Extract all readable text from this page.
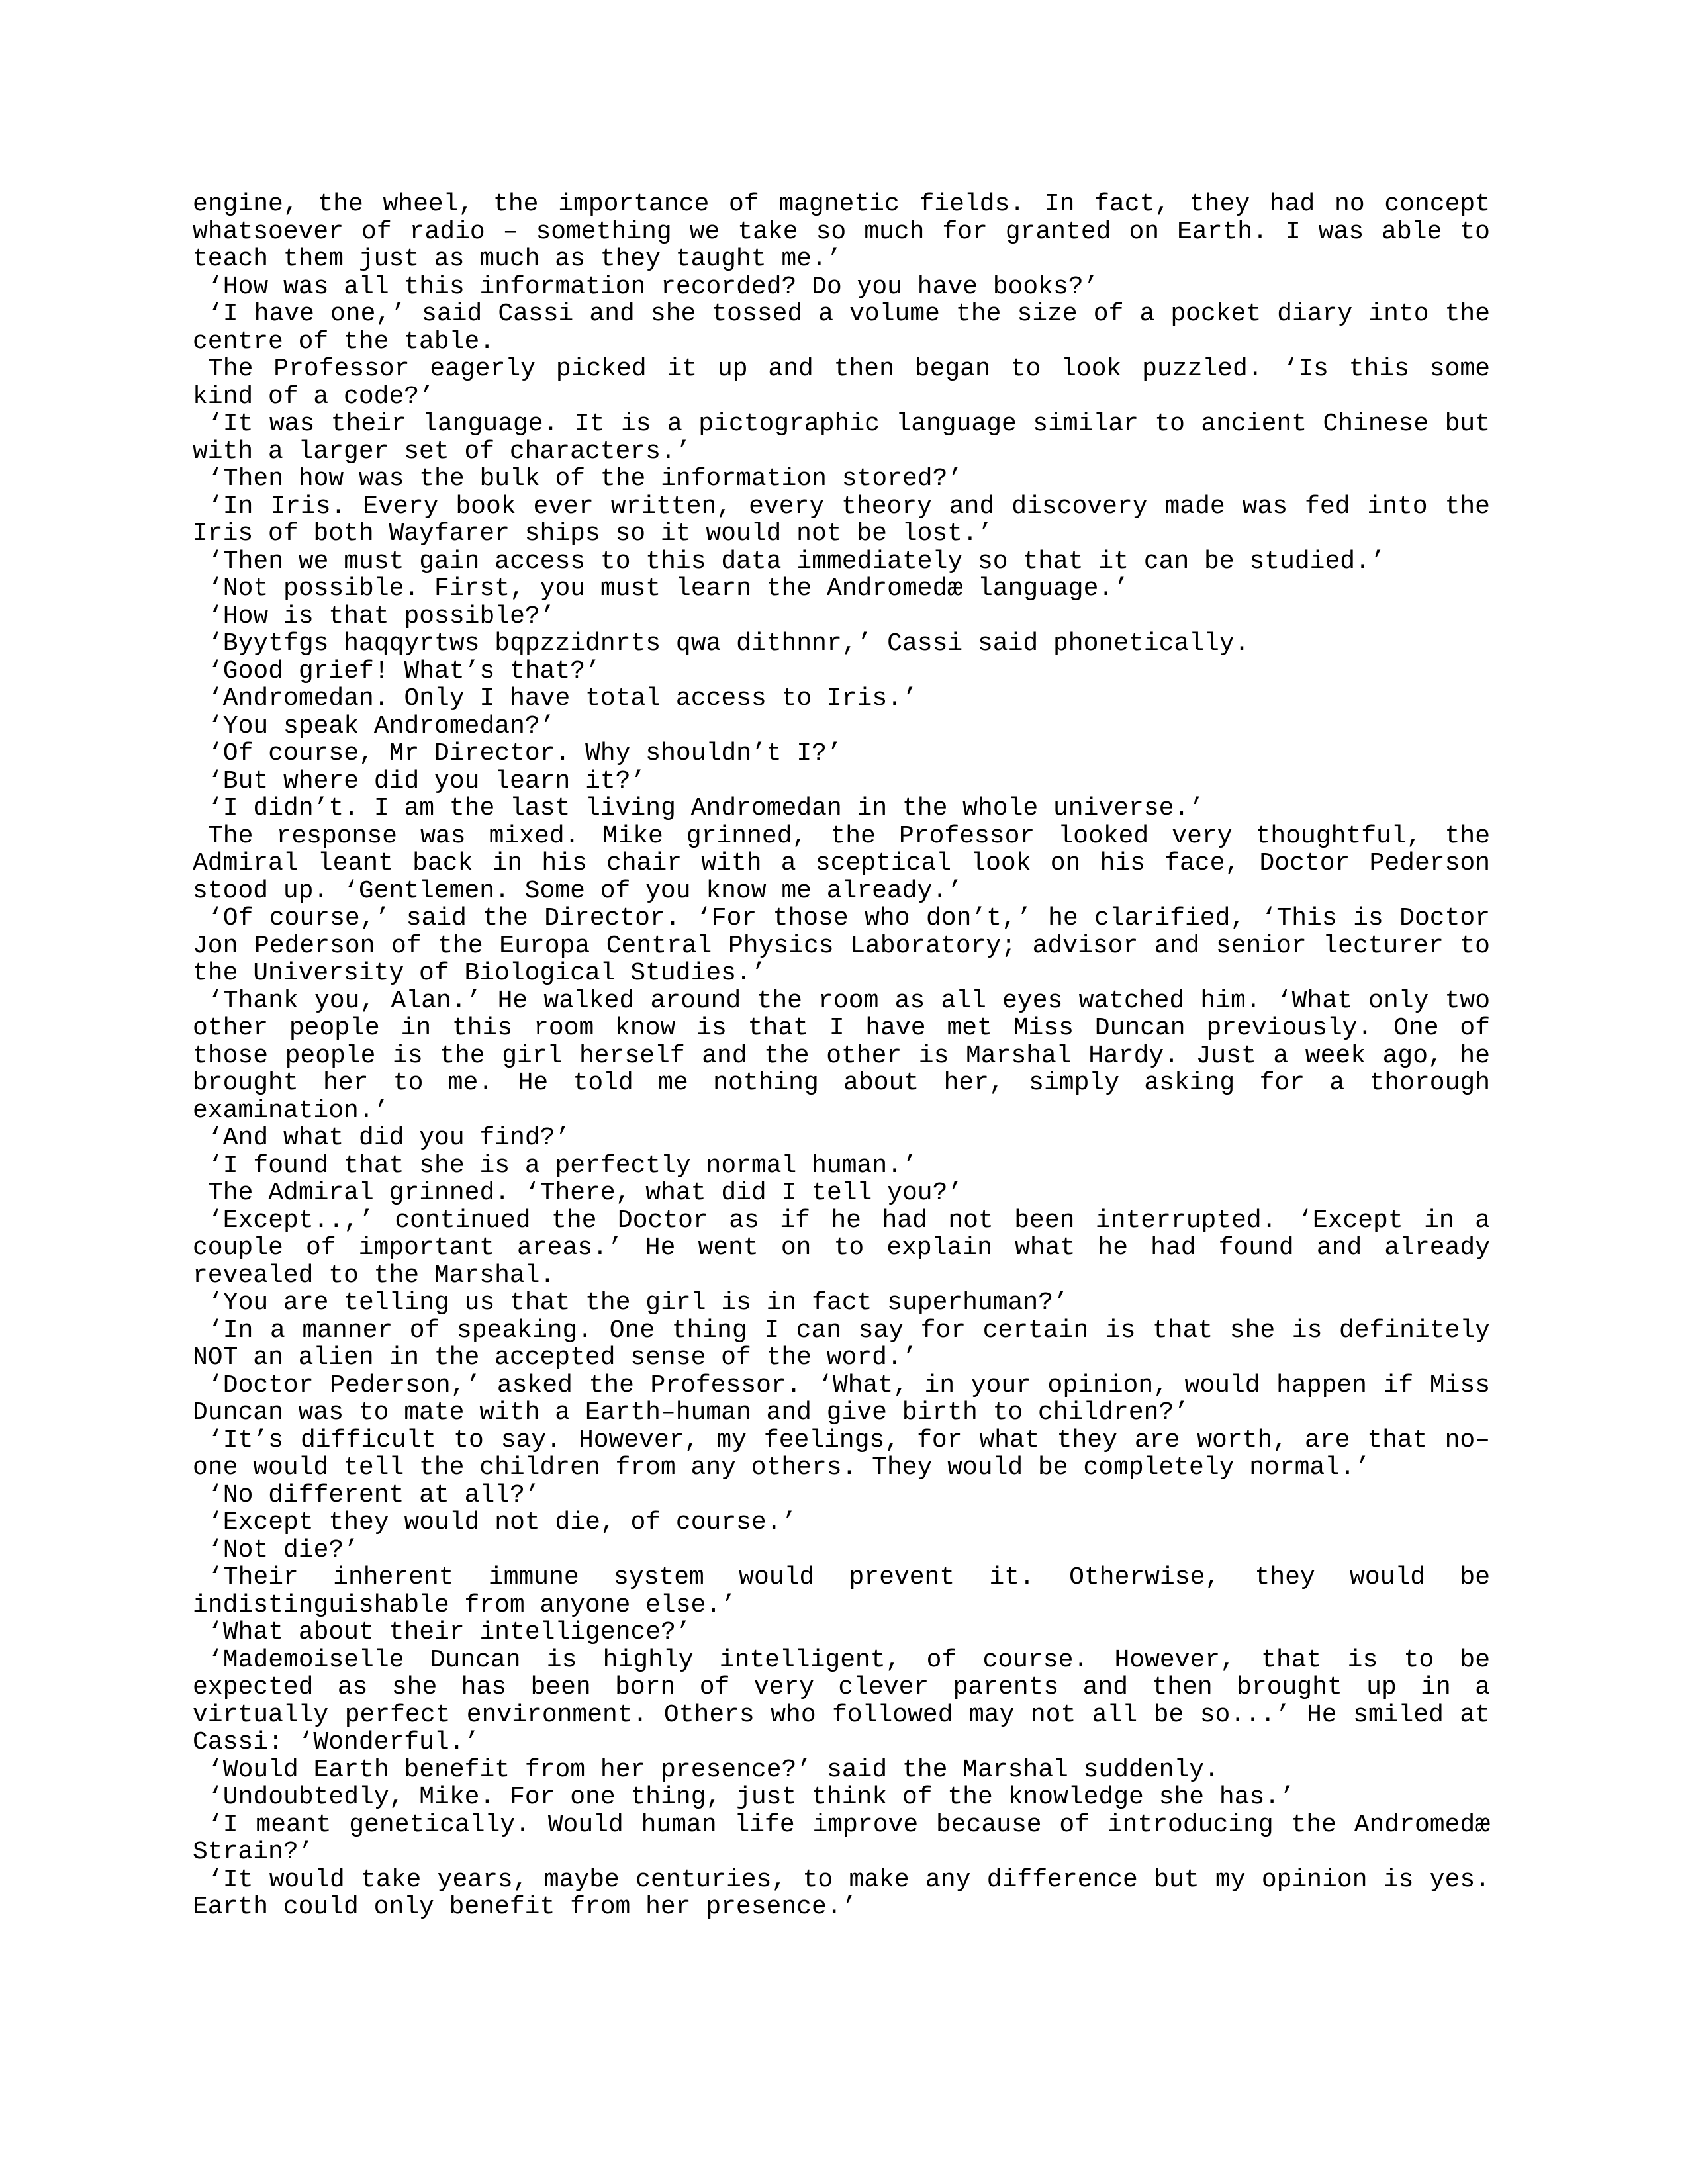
engine, the wheel, the importance of magnetic fields. In fact, they had no concept whatsoever of radio – something we take so much for granted on Earth. I was able to teach them just as much as they taught me.’

‘How was all this information recorded? Do you have books?’

‘I have one,’ said Cassi and she tossed a volume the size of a pocket diary into the centre of the table.

The Professor eagerly picked it up and then began to look puzzled. ‘Is this some kind of a code?’

‘It was their language. It is a pictographic language similar to ancient Chinese but with a larger set of characters.’

‘Then how was the bulk of the information stored?’

‘In Iris. Every book ever written, every theory and discovery made was fed into the Iris of both Wayfarer ships so it would not be lost.’

‘Then we must gain access to this data immediately so that it can be studied.’

‘Not possible. First, you must learn the Andromedæ language.’

‘How is that possible?’

‘Byytfgs haqqyrtws bqpzzidnrts qwa dithnnr,’ Cassi said phonetically.

‘Good grief! What’s that?’

‘Andromedan. Only I have total access to Iris.’

‘You speak Andromedan?’

‘Of course, Mr Director. Why shouldn’t I?’

‘But where did you learn it?’

‘I didn’t. I am the last living Andromedan in the whole universe.’

The response was mixed. Mike grinned, the Professor looked very thoughtful, the Admiral leant back in his chair with a sceptical look on his face, Doctor Pederson stood up. ‘Gentlemen. Some of you know me already.’

‘Of course,’ said the Director. ‘For those who don’t,’ he clarified, ‘This is Doctor Jon Pederson of the Europa Central Physics Laboratory; advisor and senior lecturer to the University of Biological Studies.’

‘Thank you, Alan.’ He walked around the room as all eyes watched him. ‘What only two other people in this room know is that I have met Miss Duncan previously. One of those people is the girl herself and the other is Marshal Hardy. Just a week ago, he brought her to me. He told me nothing about her, simply asking for a thorough examination.’

‘And what did you find?’

‘I found that she is a perfectly normal human.’

The Admiral grinned. ‘There, what did I tell you?’

‘Except..,’ continued the Doctor as if he had not been interrupted. ‘Except in a couple of important areas.’ He went on to explain what he had found and already revealed to the Marshal.

‘You are telling us that the girl is in fact superhuman?’

‘In a manner of speaking. One thing I can say for certain is that she is definitely NOT an alien in the accepted sense of the word.’

‘Doctor Pederson,’ asked the Professor. ‘What, in your opinion, would happen if Miss Duncan was to mate with a Earth–human and give birth to children?’

‘It’s difficult to say. However, my feelings, for what they are worth, are that no–one would tell the children from any others. They would be completely normal.’

‘No different at all?’

‘Except they would not die, of course.’

‘Not die?’

‘Their inherent immune system would prevent it. Otherwise, they would be indistinguishable from anyone else.’

‘What about their intelligence?’

‘Mademoiselle Duncan is highly intelligent, of course. However, that is to be expected as she has been born of very clever parents and then brought up in a virtually perfect environment. Others who followed may not all be so...’ He smiled at Cassi: ‘Wonderful.’

‘Would Earth benefit from her presence?’ said the Marshal suddenly.

‘Undoubtedly, Mike. For one thing, just think of the knowledge she has.’

‘I meant genetically. Would human life improve because of introducing the Andromedæ Strain?’

‘It would take years, maybe centuries, to make any difference but my opinion is yes. Earth could only benefit from her presence.’
